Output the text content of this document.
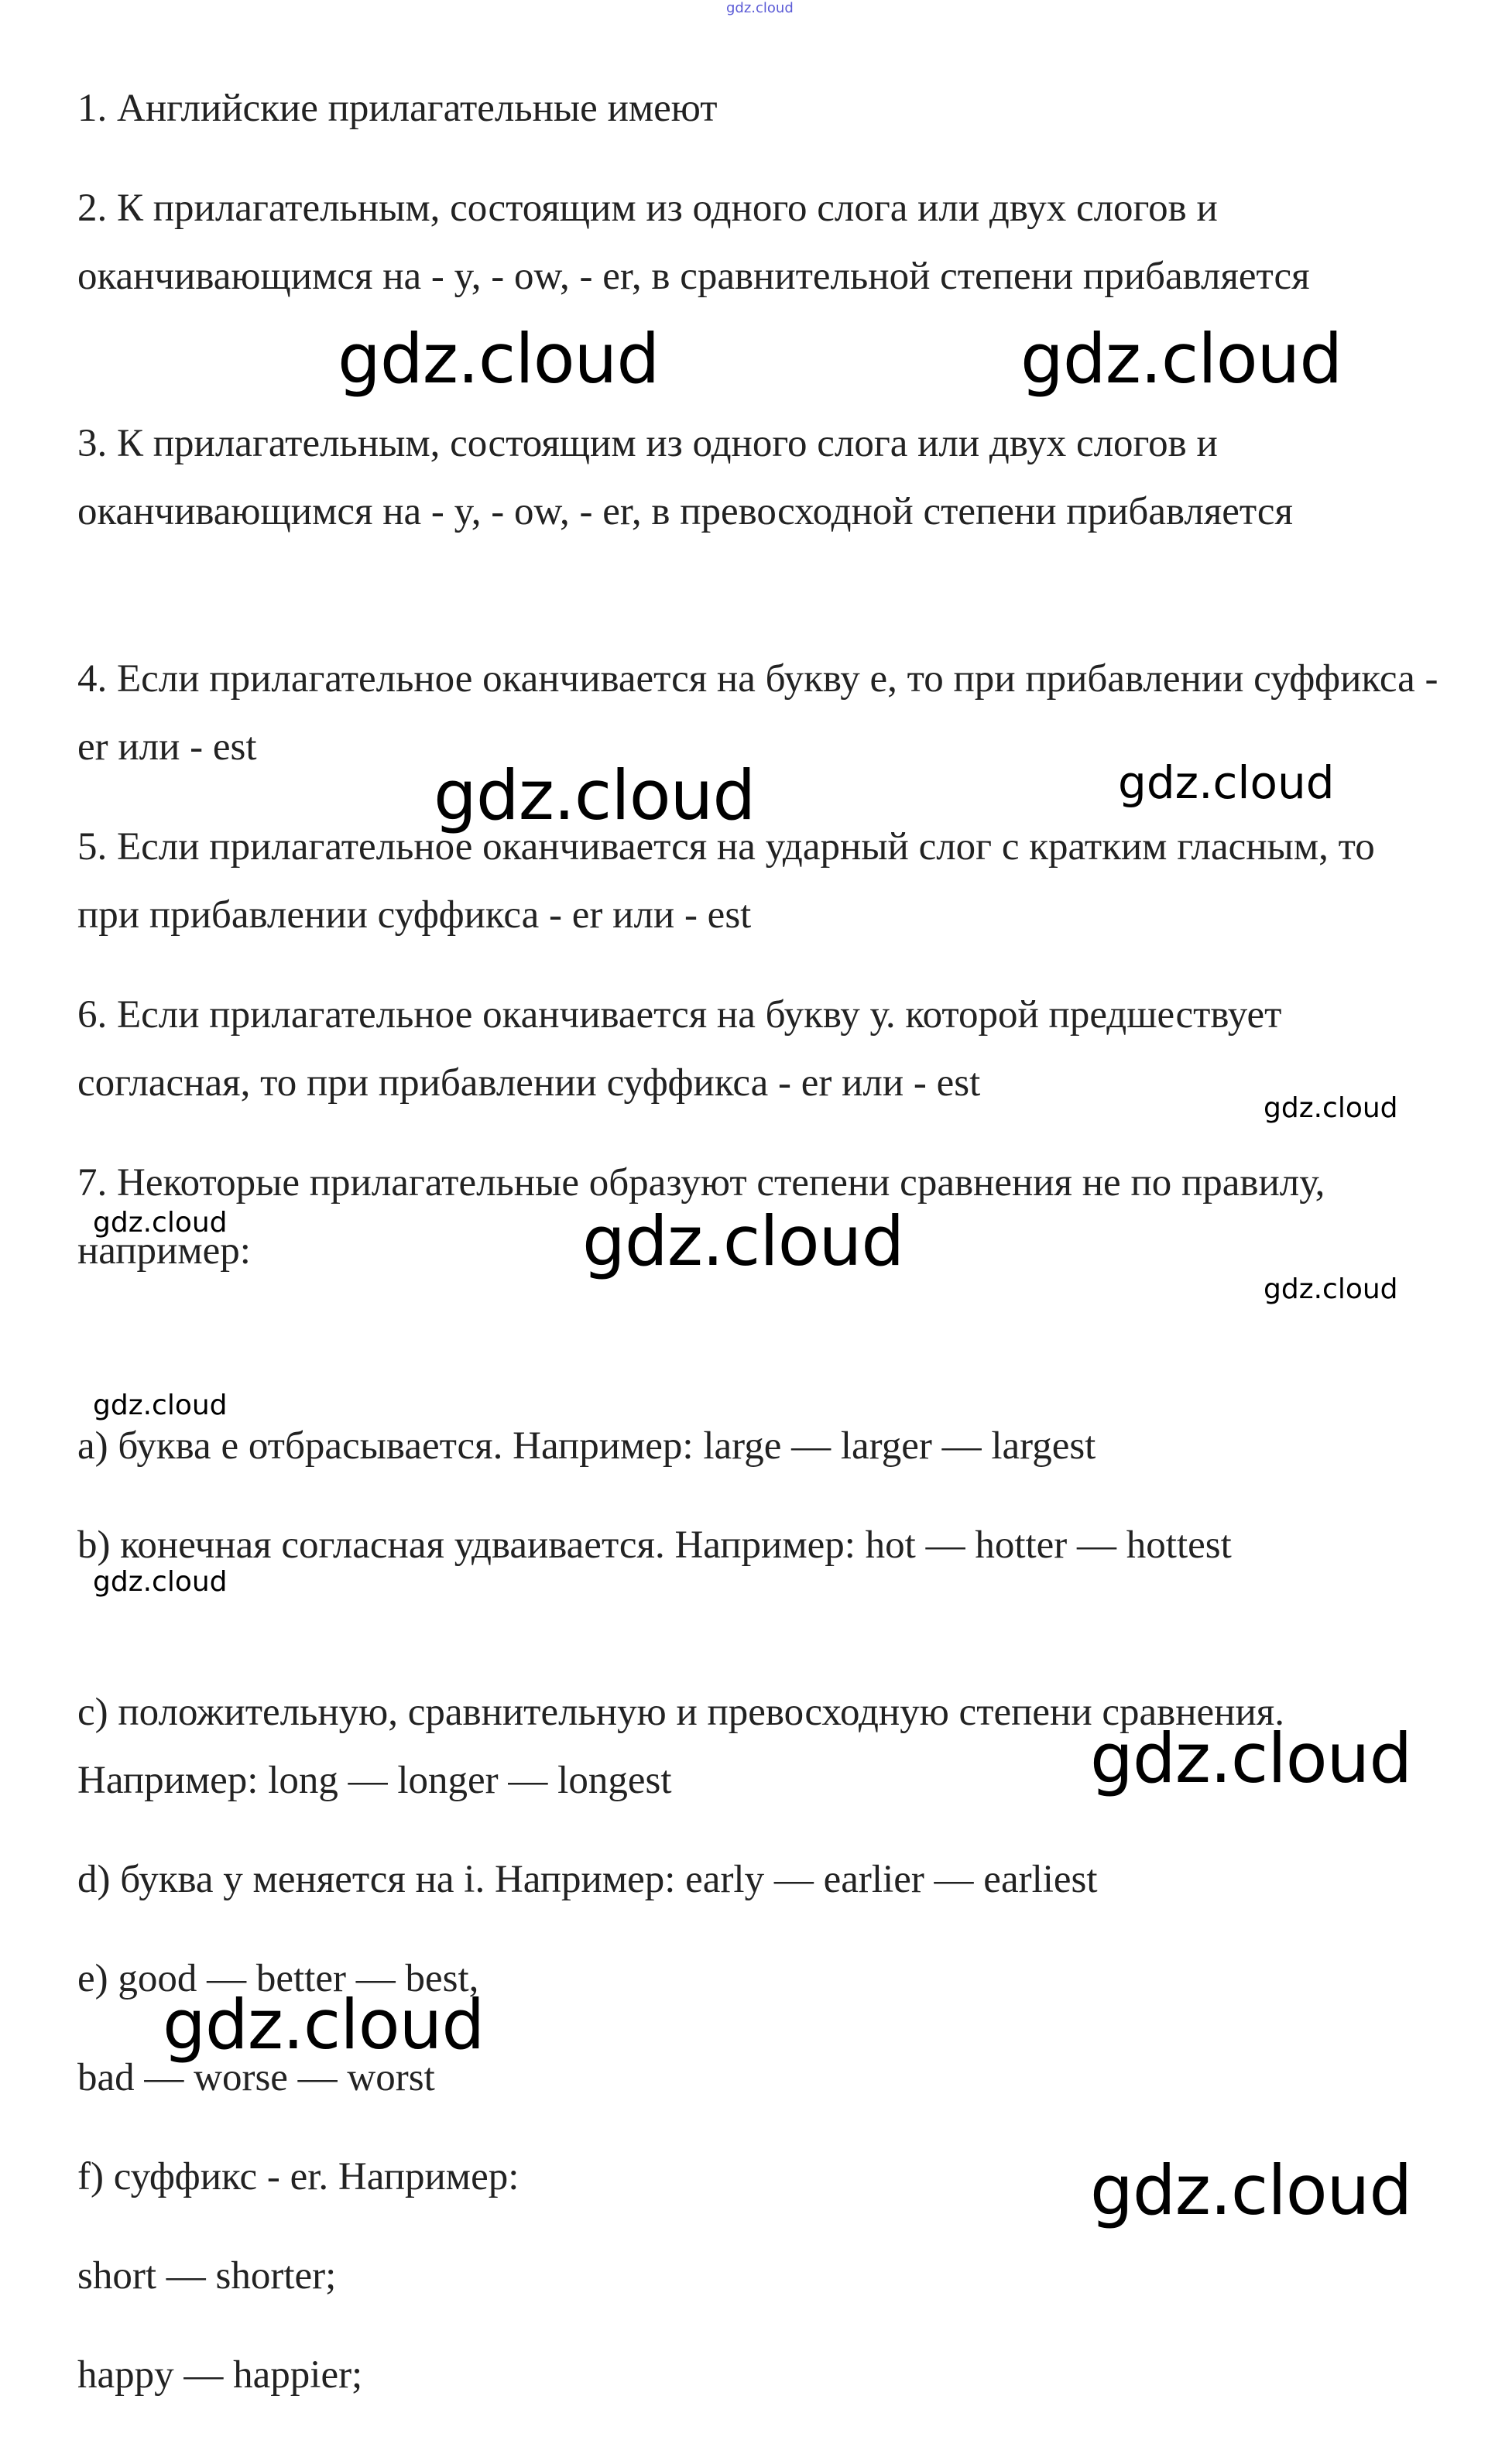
1. Английские прилагательные имеют

2. К прилагательным, состоящим из одного слога или двух слогов и оканчивающимся на - y, - ow, - er, в сравнительной степени прибавляется

3. К прилагательным, состоящим из одного слога или двух слогов и оканчивающимся на - y, - ow, - er, в превосходной степени прибавляется

4. Если прилагательное оканчивается на букву е, то при прибавлении суффикса - er или - est

5. Если прилагательное оканчивается на ударный слог с кратким гласным, то при прибавлении суффикса - er или - est

6. Если прилагательное оканчивается на букву у. которой предшествует согласная, то при прибавлении суффикса - er или - est

7. Некоторые прилагательные образуют степени сравнения не по правилу, например:

a) буква е отбрасывается. Например: large — larger — largest

b) конечная согласная удваивается. Например: hot — hotter — hottest

c) положительную, сравнительную и превосходную степени сравнения. Например: long — longer — longest

d) буква у меняется на i. Например: early — earlier — earliest

e) good — better — best,

bad — worse — worst

f) суффикс - er. Например:

short — shorter;

happy — happier;

gdz.cloud
gdz.cloud	gdz.cloud
gdz.cloud	gdz.cloud
gdz.cloud
gdz.cloud	gdz.cloud
gdz.cloud
gdz.cloud
gdz.cloud
gdz.cloud
gdz.cloud
gdz.cloud
